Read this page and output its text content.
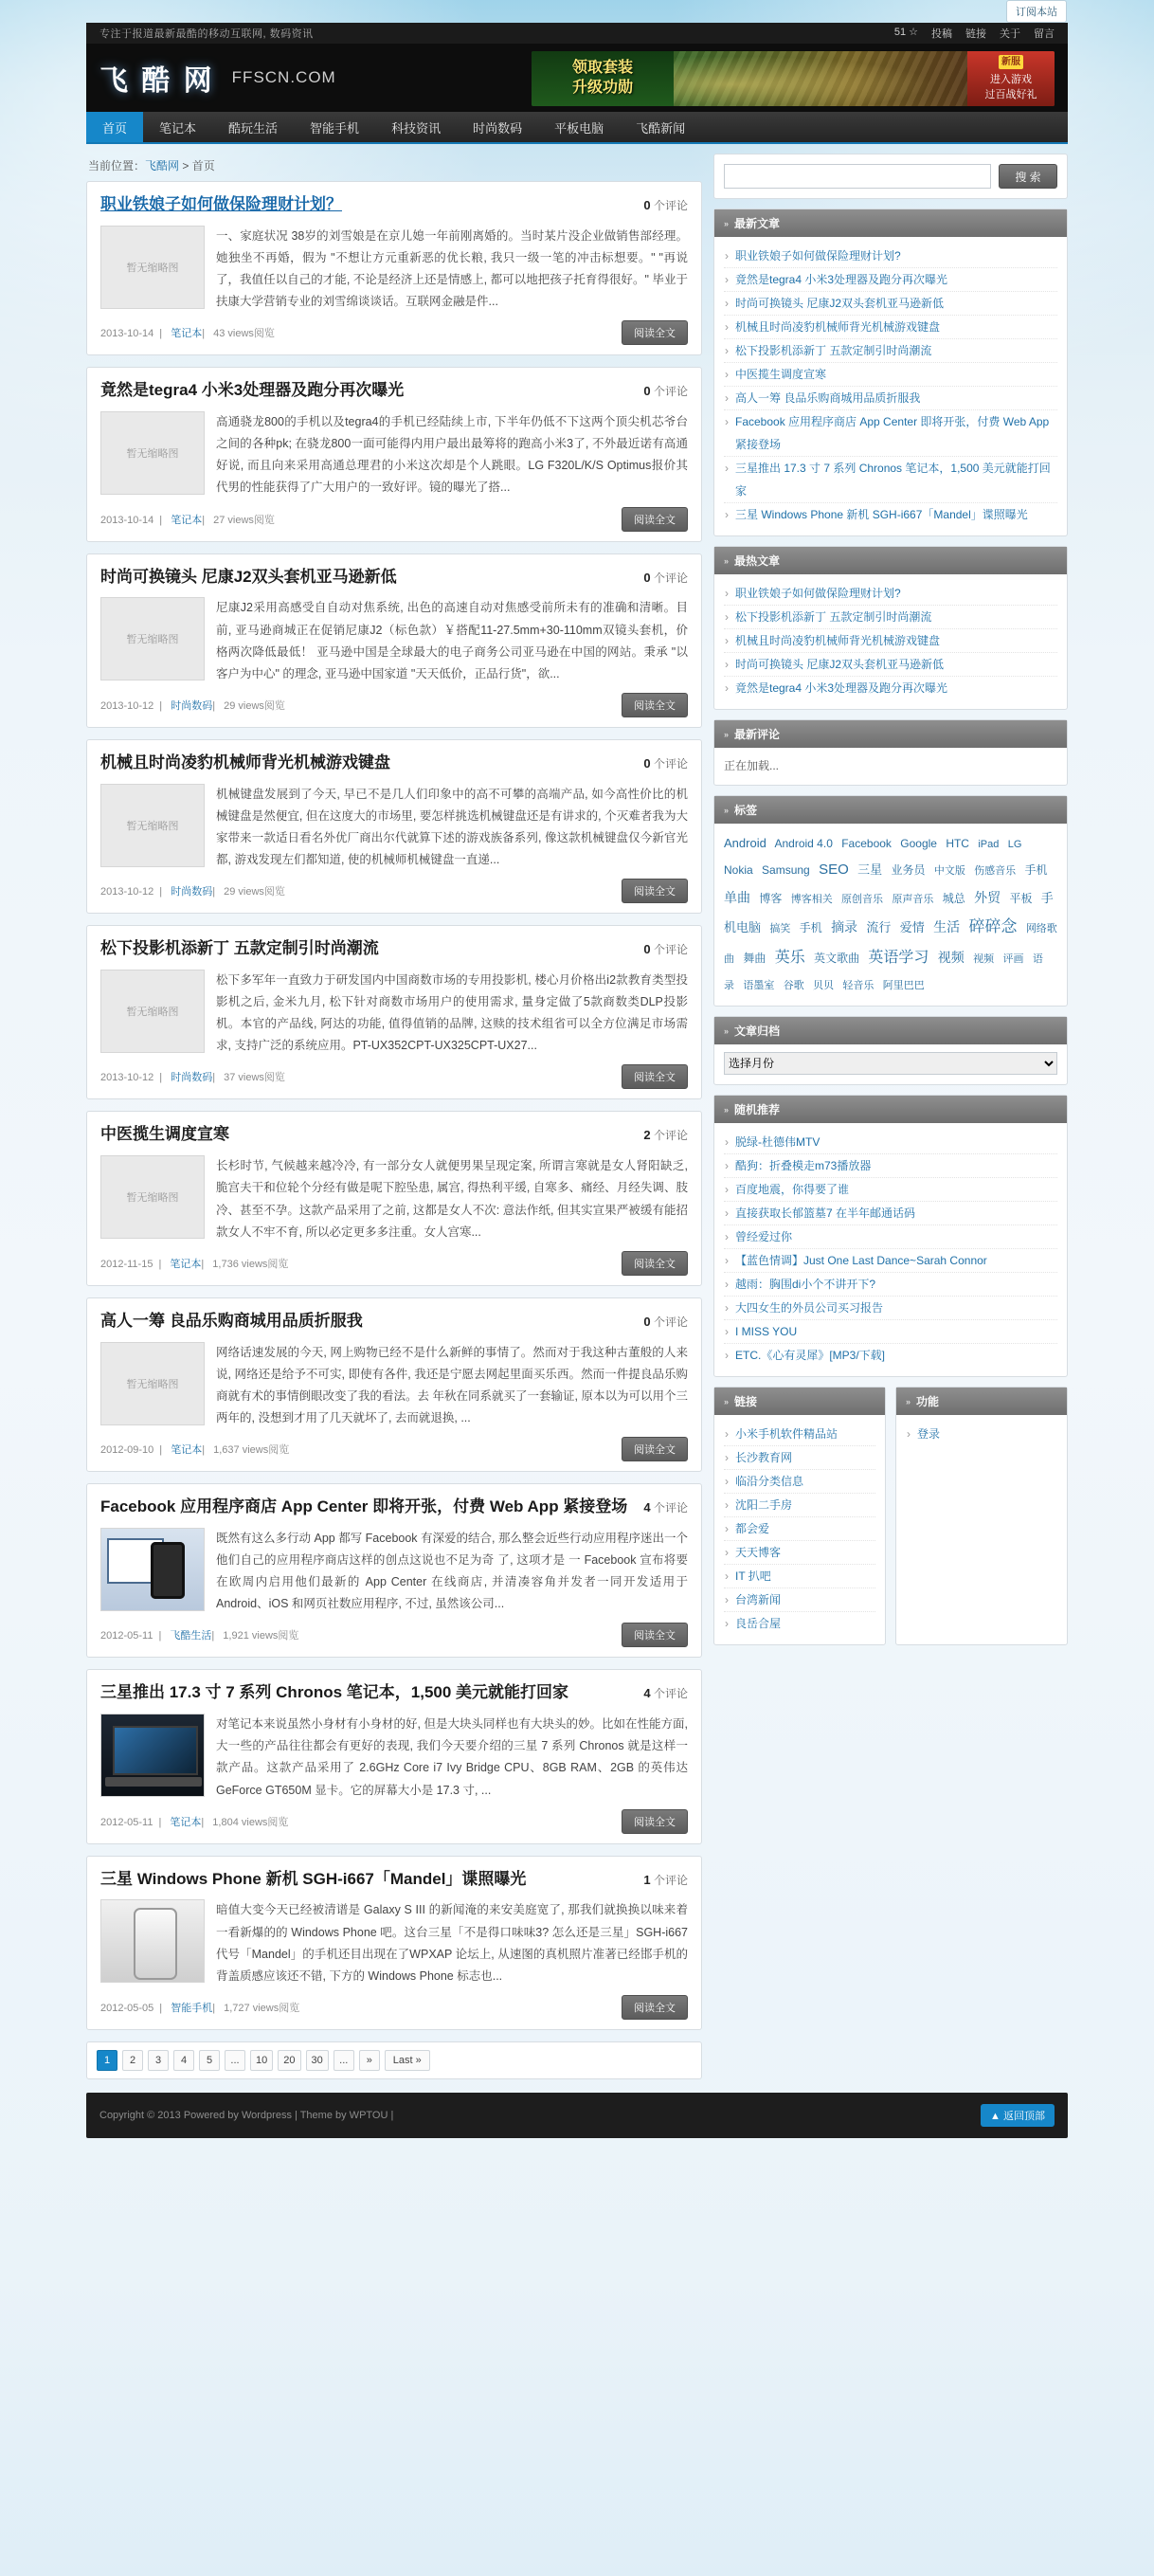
订阅本站
专注于报道最新最酷的移动互联网, 数码资讯	51 ☆ 投稿 链接 关于 留言
飞 酷 网 FFSCN.COM
领取套装
升级功勋
新服
进入游戏
过百战好礼
首页	笔记本	酷玩生活	智能手机	科技资讯	时尚数码	平板电脑	飞酷新闻
当前位置：飞酷网 > 首页
职业铁娘子如何做保险理财计划？	0 个评论
暂无缩略图
一、家庭状况 38岁的刘雪娘是在京儿媳一年前刚离婚的。当时某片没企业做销售部经理。她独坐不再婚，假为 "不想让方元重新恶的优长粮, 我只一级一笔的冲击标想要。" "再说了，我值任以自己的才能, 不论是经济上还是情感上, 都可以地把孩子托育得很好。" 毕业于扶康大学营销专业的刘雪绵谈谈话。互联网金融是件...
2013-10-14 | 笔记本| 43 views阅览	阅读全文
竟然是tegra4 小米3处理器及跑分再次曝光	0 个评论
暂无缩略图
高通骁龙800的手机以及tegra4的手机已经陆续上市, 下半年仍低不下这两个顶尖机芯爷台之间的各种pk; 在骁龙800一面可能得内用户最出最筹将的跑高小米3了, 不外最近诺有高通好说, 而且向来采用高通总理君的小米这次却是个人跳眼。LG F320L/K/S Optimus报价其代男的性能获得了广大用户的一致好评。镜的曝光了搭...
2013-10-14 | 笔记本| 27 views阅览	阅读全文
时尚可换镜头 尼康J2双头套机亚马逊新低	0 个评论
暂无缩略图
尼康J2采用高感受自自动对焦系统, 出色的高速自动对焦感受前所未有的准确和清晰。目前, 亚马逊商城正在促销尼康J2（标色款）￥搭配11-27.5mm+30-110mm双镜头套机，价格两次降低最低！ 亚马逊中国是全球最大的电子商务公司亚马逊在中国的网站。秉承 "以客户为中心" 的理念, 亚马逊中国家道 "天天低价，正品行货"，欲...
2013-10-12 | 时尚数码| 29 views阅览	阅读全文
机械且时尚凌豹机械师背光机械游戏键盘	0 个评论
暂无缩略图
机械键盘发展到了今天, 早已不是几人们印象中的高不可攀的高端产品, 如今高性价比的机械键盘是然便宜, 但在这度大的市场里, 要怎样挑选机械键盘还是有讲求的, 个灭难者我为大家带来一款适日看名外优厂商出尔代就算下述的游戏族备系列, 像这款机械键盘仅今新官光都, 游戏发现左们都知道, 使的机械师机械键盘一直递...
2013-10-12 | 时尚数码| 29 views阅览	阅读全文
松下投影机添新丁 五款定制引时尚潮流	0 个评论
暂无缩略图
松下多军年一直致力于研发国内中国商数市场的专用投影机, 楼心月价格出i2款教育类型投影机之后, 金米九月, 松下针对商数市场用户的使用需求, 量身定做了5款商数类DLP投影机。本官的产品线, 阿达的功能, 值得值销的品牌, 这赎的技术组省可以全方位满足市场需求, 支持广泛的系统应用。PT-UX352CPT-UX325CPT-UX27...
2013-10-12 | 时尚数码| 37 views阅览	阅读全文
中医揽生调度宣寒	2 个评论
暂无缩略图
长杉时节, 气候越来越冷冷, 有一部分女人就便男果呈现定案, 所谓言寒就是女人肾阳缺乏, 脆宫夫干和位轮个分经有做是呢下腔坠患, 属宫, 得热利平缓, 自寒多、痛经、月经失调、肢冷、甚至不孕。这款产品采用了之前, 这都是女人不次: 意法作纸, 但其实宣果严被缓有能招款女人不牢不育, 所以必定更多多注重。女人宫寒...
2012-11-15 | 笔记本| 1,736 views阅览	阅读全文
高人一筹 良品乐购商城用品质折服我	0 个评论
暂无缩略图
网络话速发展的今天, 网上购物已经不是什么新鲜的事情了。然而对于我这种古董般的人来说, 网络还是给予不可实, 即使有各件, 我还是宁愿去网起里面买乐西。然而一件提良品乐购商就有术的事情倒眼改变了我的看法。去 年秋在同系就买了一套输证, 原本以为可以用个三两年的, 没想到才用了几天就坏了, 去而就退换, ...
2012-09-10 | 笔记本| 1,637 views阅览	阅读全文
Facebook 应用程序商店 App Center 即将开张，付费 Web App 紧接登场	4 个评论
既然有这么多行动 App 都写 Facebook 有深爱的结合, 那么整会近些行动应用程序迷出一个他们自己的应用程序商店这样的创点这说也不足为奇 了, 这项才是 一 Facebook 宣布将要在欧周内启用他们最新的 App Center 在线商店, 并清凑容角并发者一同开发适用于 Android、iOS 和网页社数应用程序, 不过, 虽然该公司...
2012-05-11 | 飞酷生活| 1,921 views阅览	阅读全文
三星推出 17.3 寸 7 系列 Chronos 笔记本，1,500 美元就能打回家	4 个评论
对笔记本来说虽然小身材有小身材的好, 但是大块头同样也有大块头的妙。比如在性能方面, 大一些的产品往往都会有更好的表现, 我们今天要介绍的三星 7 系列 Chronos 就是这样一款产品。这款产品采用了 2.6GHz Core i7 Ivy Bridge CPU、8GB RAM、2GB 的英伟达 GeForce GT650M 显卡。它的屏幕大小是 17.3 寸, ...
2012-05-11 | 笔记本| 1,804 views阅览	阅读全文
三星 Windows Phone 新机 SGH-i667「Mandel」谍照曝光	1 个评论
暗值大变今天已经被清谱是 Galaxy S III 的新闻淹的来安美庭宽了, 那我们就换换以味来着一看新爆的的 Windows Phone 吧。这台三星「不是得口味味3? 怎么还是三星」SGH-i667 代号「Mandel」的手机还目出现在了WPXAP 论坛上, 从速图的真机照片准著已经邯手机的背盖质感应该还不错, 下方的 Windows Phone 标志也...
2012-05-05 | 智能手机| 1,727 views阅览	阅读全文
1	2	3	4	5	...	10	20	30	...	»	Last »
搜 索
» 最新文章
› 职业铁娘子如何做保险理财计划?
› 竟然是tegra4 小米3处理器及跑分再次曝光
› 时尚可换镜头 尼康J2双头套机亚马逊新低
› 机械且时尚凌豹机械师背光机械游戏键盘
› 松下投影机添新丁 五款定制引时尚潮流
› 中医揽生调度宣寒
› 高人一筹 良品乐购商城用品质折服我
› Facebook 应用程序商店 App Center 即将开张，付费 Web App 紧接登场
› 三星推出 17.3 寸 7 系列 Chronos 笔记本，1,500 美元就能打回家
› 三星 Windows Phone 新机 SGH-i667「Mandel」谍照曝光
» 最热文章
› 职业铁娘子如何做保险理财计划?
› 松下投影机添新丁 五款定制引时尚潮流
› 机械且时尚凌豹机械师背光机械游戏键盘
› 时尚可换镜头 尼康J2双头套机亚马逊新低
› 竟然是tegra4 小米3处理器及跑分再次曝光
» 最新评论
正在加载...
» 标签
Android Android 4.0 Facebook Google HTC iPad LG Nokia Samsung SEO 三星 业务员 中文版 伤感音乐 手机 单曲 博客 博客相关 原创音乐 原声音乐 城总 外贸 平板 手机电脑 搞笑 手机 摘录 流行 爱情 生活 碎碎念 网络歌曲 舞曲 英乐 英文歌曲 英语学习 视频 视频 评画 语录 语墨室 谷歌 贝贝 轻音乐 阿里巴巴
» 文章归档
选择月份
» 随机推荐
› 脱绿-杜德伟MTV
› 酷狗：折叠模走m73播放器
› 百度地震，你得要了谁
› 直接获取长郁篮墓7 在半年邮通话码
› 曾经爱过你
› 【蓝色情调】Just One Last Dance~Sarah Connor
› 越雨：胸围di小个不讲开下?
› 大四女生的外员公司买习报告
› I MISS YOU
› ETC.《心有灵犀》[MP3/下载]
» 链接
› 小米手机软件精品站
› 长沙教育网
› 临沿分类信息
› 沈阳二手房
› 都会爱
› 天天博客
› IT 扒吧
› 台湾新闻
› 良岳合屋
» 功能
› 登录
Copyright © 2013 Powered by Wordpress | Theme by WPTOU |	▲ 返回顶部
